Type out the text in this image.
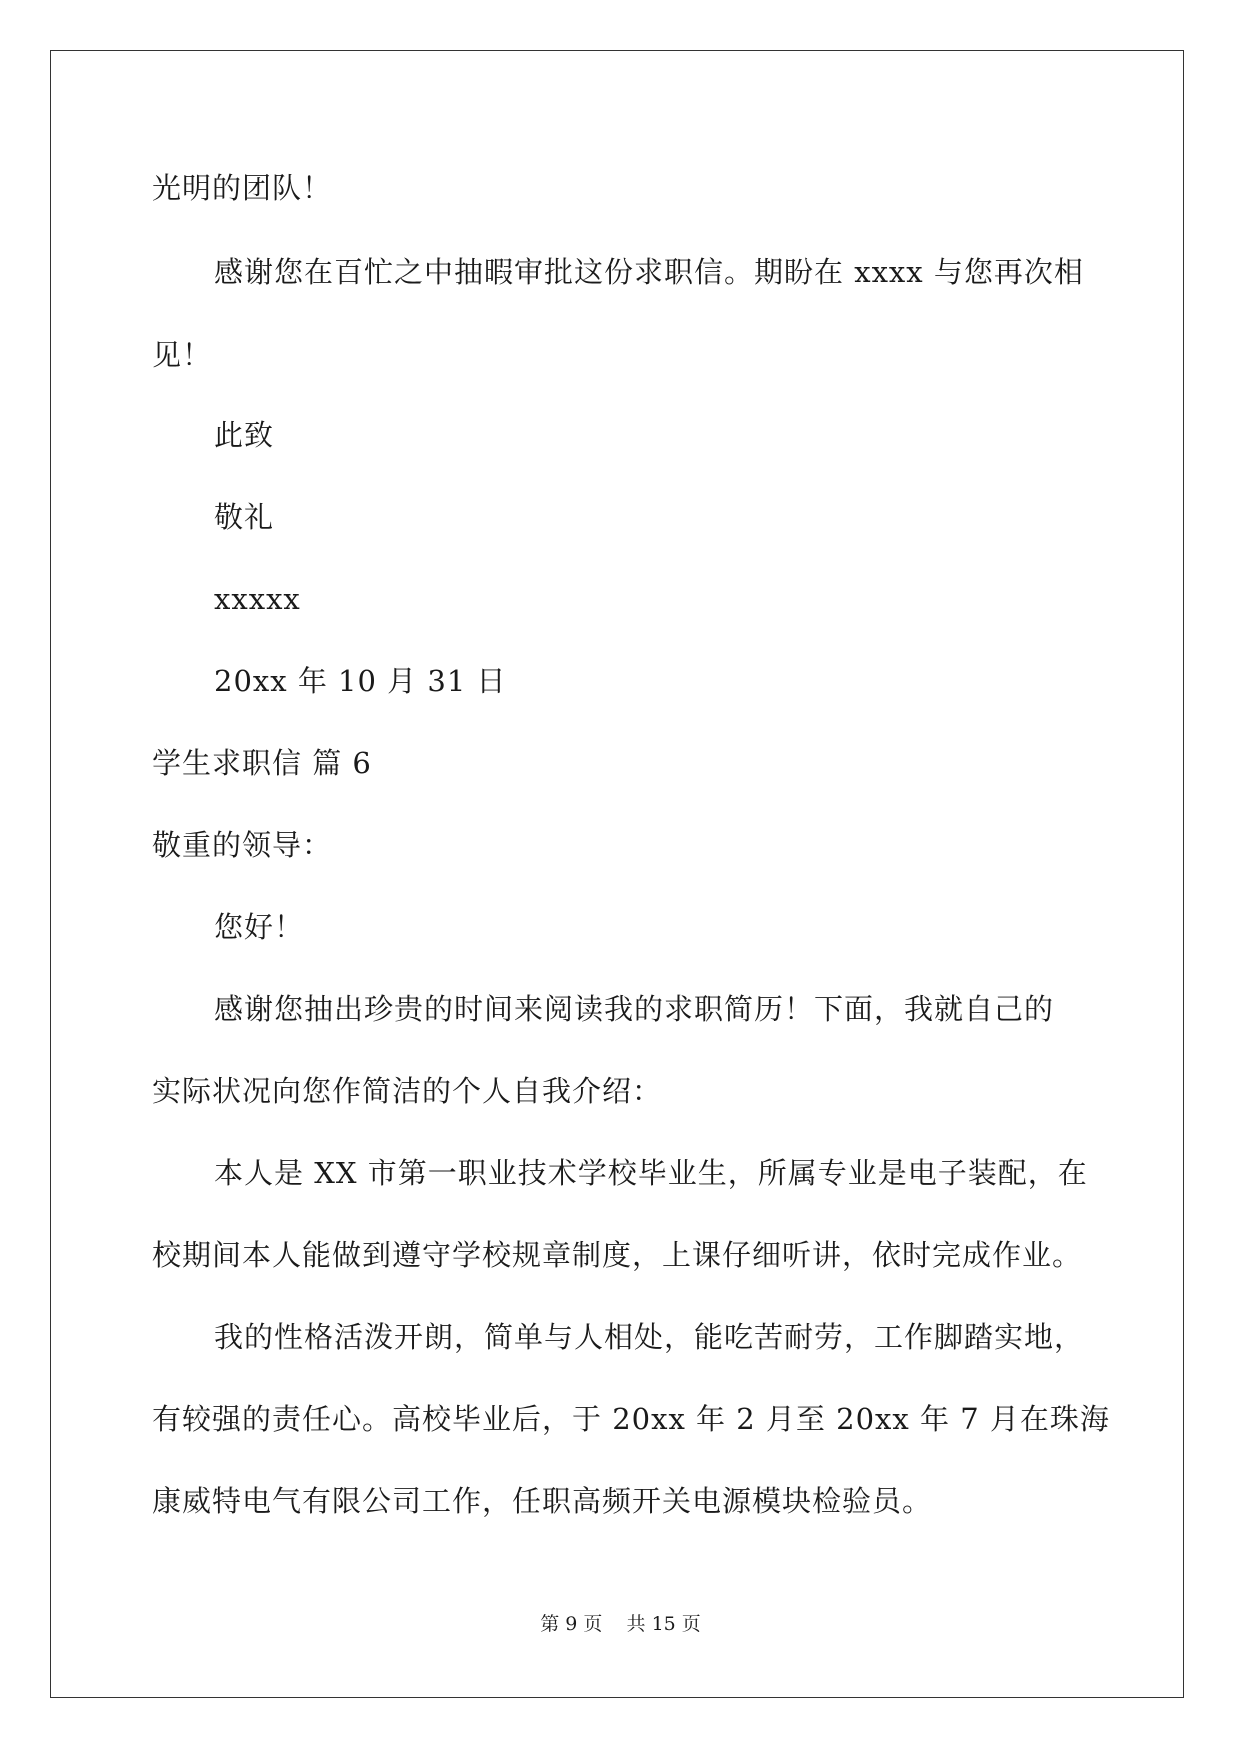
光明的团队！
感谢您在百忙之中抽暇审批这份求职信。期盼在 xxxx 与您再次相
见！
此致
敬礼
xxxxx
20xx 年 10 月 31 日
学生求职信 篇 6
敬重的领导：
您好！
感谢您抽出珍贵的时间来阅读我的求职简历！下面，我就自己的
实际状况向您作简洁的个人自我介绍：
本人是 XX 市第一职业技术学校毕业生，所属专业是电子装配，在
校期间本人能做到遵守学校规章制度，上课仔细听讲，依时完成作业。
我的性格活泼开朗，简单与人相处，能吃苦耐劳，工作脚踏实地，
有较强的责任心。高校毕业后，于 20xx 年 2 月至 20xx 年 7 月在珠海
康威特电气有限公司工作，任职高频开关电源模块检验员。
第 9 页 共 15 页
